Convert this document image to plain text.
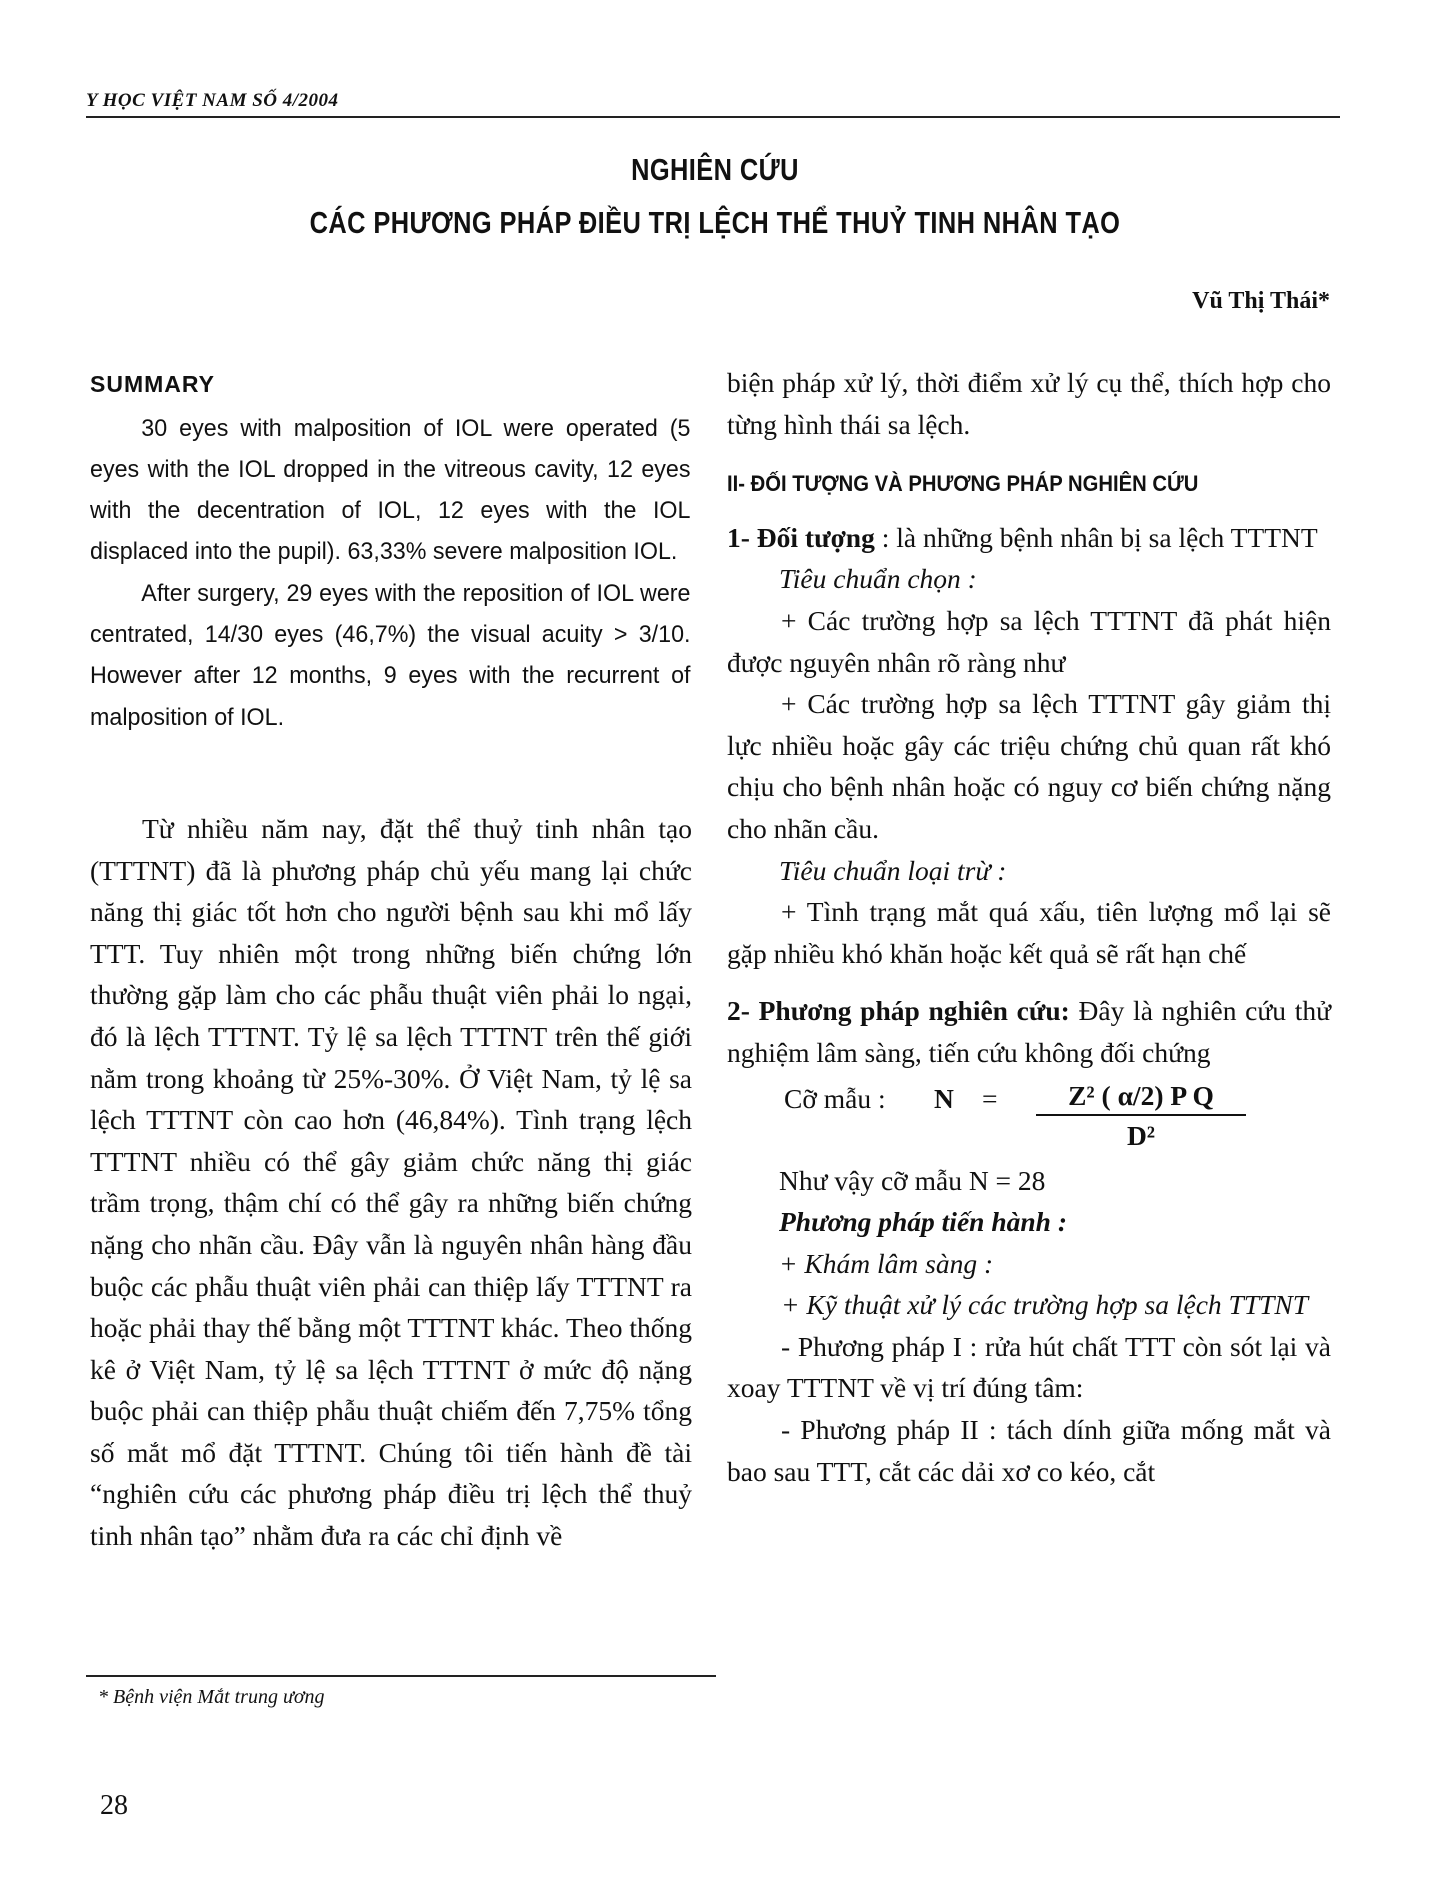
Y HỌC VIỆT NAM SỐ 4/2004
NGHIÊN CỨU
CÁC PHƯƠNG PHÁP ĐIỀU TRỊ LỆCH THỂ THUỶ TINH NHÂN TẠO
Vũ Thị Thái*
SUMMARY

30 eyes with malposition of IOL were operated (5 eyes with the IOL dropped in the vitreous cavity, 12 eyes with the decentration of IOL, 12 eyes with the IOL displaced into the pupil). 63,33% severe malposition IOL.

After surgery, 29 eyes with the reposition of IOL were centrated, 14/30 eyes (46,7%) the visual acuity > 3/10. However after 12 months, 9 eyes with the recurrent of malposition of IOL.

Từ nhiều năm nay, đặt thể thuỷ tinh nhân tạo (TTTNT) đã là phương pháp chủ yếu mang lại chức năng thị giác tốt hơn cho người bệnh sau khi mổ lấy TTT. Tuy nhiên một trong những biến chứng lớn thường gặp làm cho các phẫu thuật viên phải lo ngại, đó là lệch TTTNT. Tỷ lệ sa lệch TTTNT trên thế giới nằm trong khoảng từ 25%-30%. Ở Việt Nam, tỷ lệ sa lệch TTTNT còn cao hơn (46,84%). Tình trạng lệch TTTNT nhiều có thể gây giảm chức năng thị giác trầm trọng, thậm chí có thể gây ra những biến chứng nặng cho nhãn cầu. Đây vẫn là nguyên nhân hàng đầu buộc các phẫu thuật viên phải can thiệp lấy TTTNT ra hoặc phải thay thế bằng một TTTNT khác. Theo thống kê ở Việt Nam, tỷ lệ sa lệch TTTNT ở mức độ nặng buộc phải can thiệp phẫu thuật chiếm đến 7,75% tổng số mắt mổ đặt TTTNT. Chúng tôi tiến hành đề tài “nghiên cứu các phương pháp điều trị lệch thể thuỷ tinh nhân tạo” nhằm đưa ra các chỉ định về

biện pháp xử lý, thời điểm xử lý cụ thể, thích hợp cho từng hình thái sa lệch.

II- ĐỐI TƯỢNG VÀ PHƯƠNG PHÁP NGHIÊN CỨU

1- Đối tượng : là những bệnh nhân bị sa lệch TTTNT

Tiêu chuẩn chọn :

+ Các trường hợp sa lệch TTTNT đã phát hiện được nguyên nhân rõ ràng như

+ Các trường hợp sa lệch TTTNT gây giảm thị lực nhiều hoặc gây các triệu chứng chủ quan rất khó chịu cho bệnh nhân hoặc có nguy cơ biến chứng nặng cho nhãn cầu.

Tiêu chuẩn loại trừ :

+ Tình trạng mắt quá xấu, tiên lượng mổ lại sẽ gặp nhiều khó khăn hoặc kết quả sẽ rất hạn chế

2- Phương pháp nghiên cứu: Đây là nghiên cứu thử nghiệm lâm sàng, tiến cứu không đối chứng

Cỡ mẫu :	N	=	$\frac{\text{Z² ( α/2) P Q}}{\text{D²}}$

Như vậy cỡ mẫu N = 28

Phương pháp tiến hành :

+ Khám lâm sàng :

+ Kỹ thuật xử lý các trường hợp sa lệch TTTNT

- Phương pháp I : rửa hút chất TTT còn sót lại và xoay TTTNT về vị trí đúng tâm:

- Phương pháp II : tách dính giữa mống mắt và bao sau TTT, cắt các dải xơ co kéo, cắt

* Bệnh viện Mắt trung ương
28
